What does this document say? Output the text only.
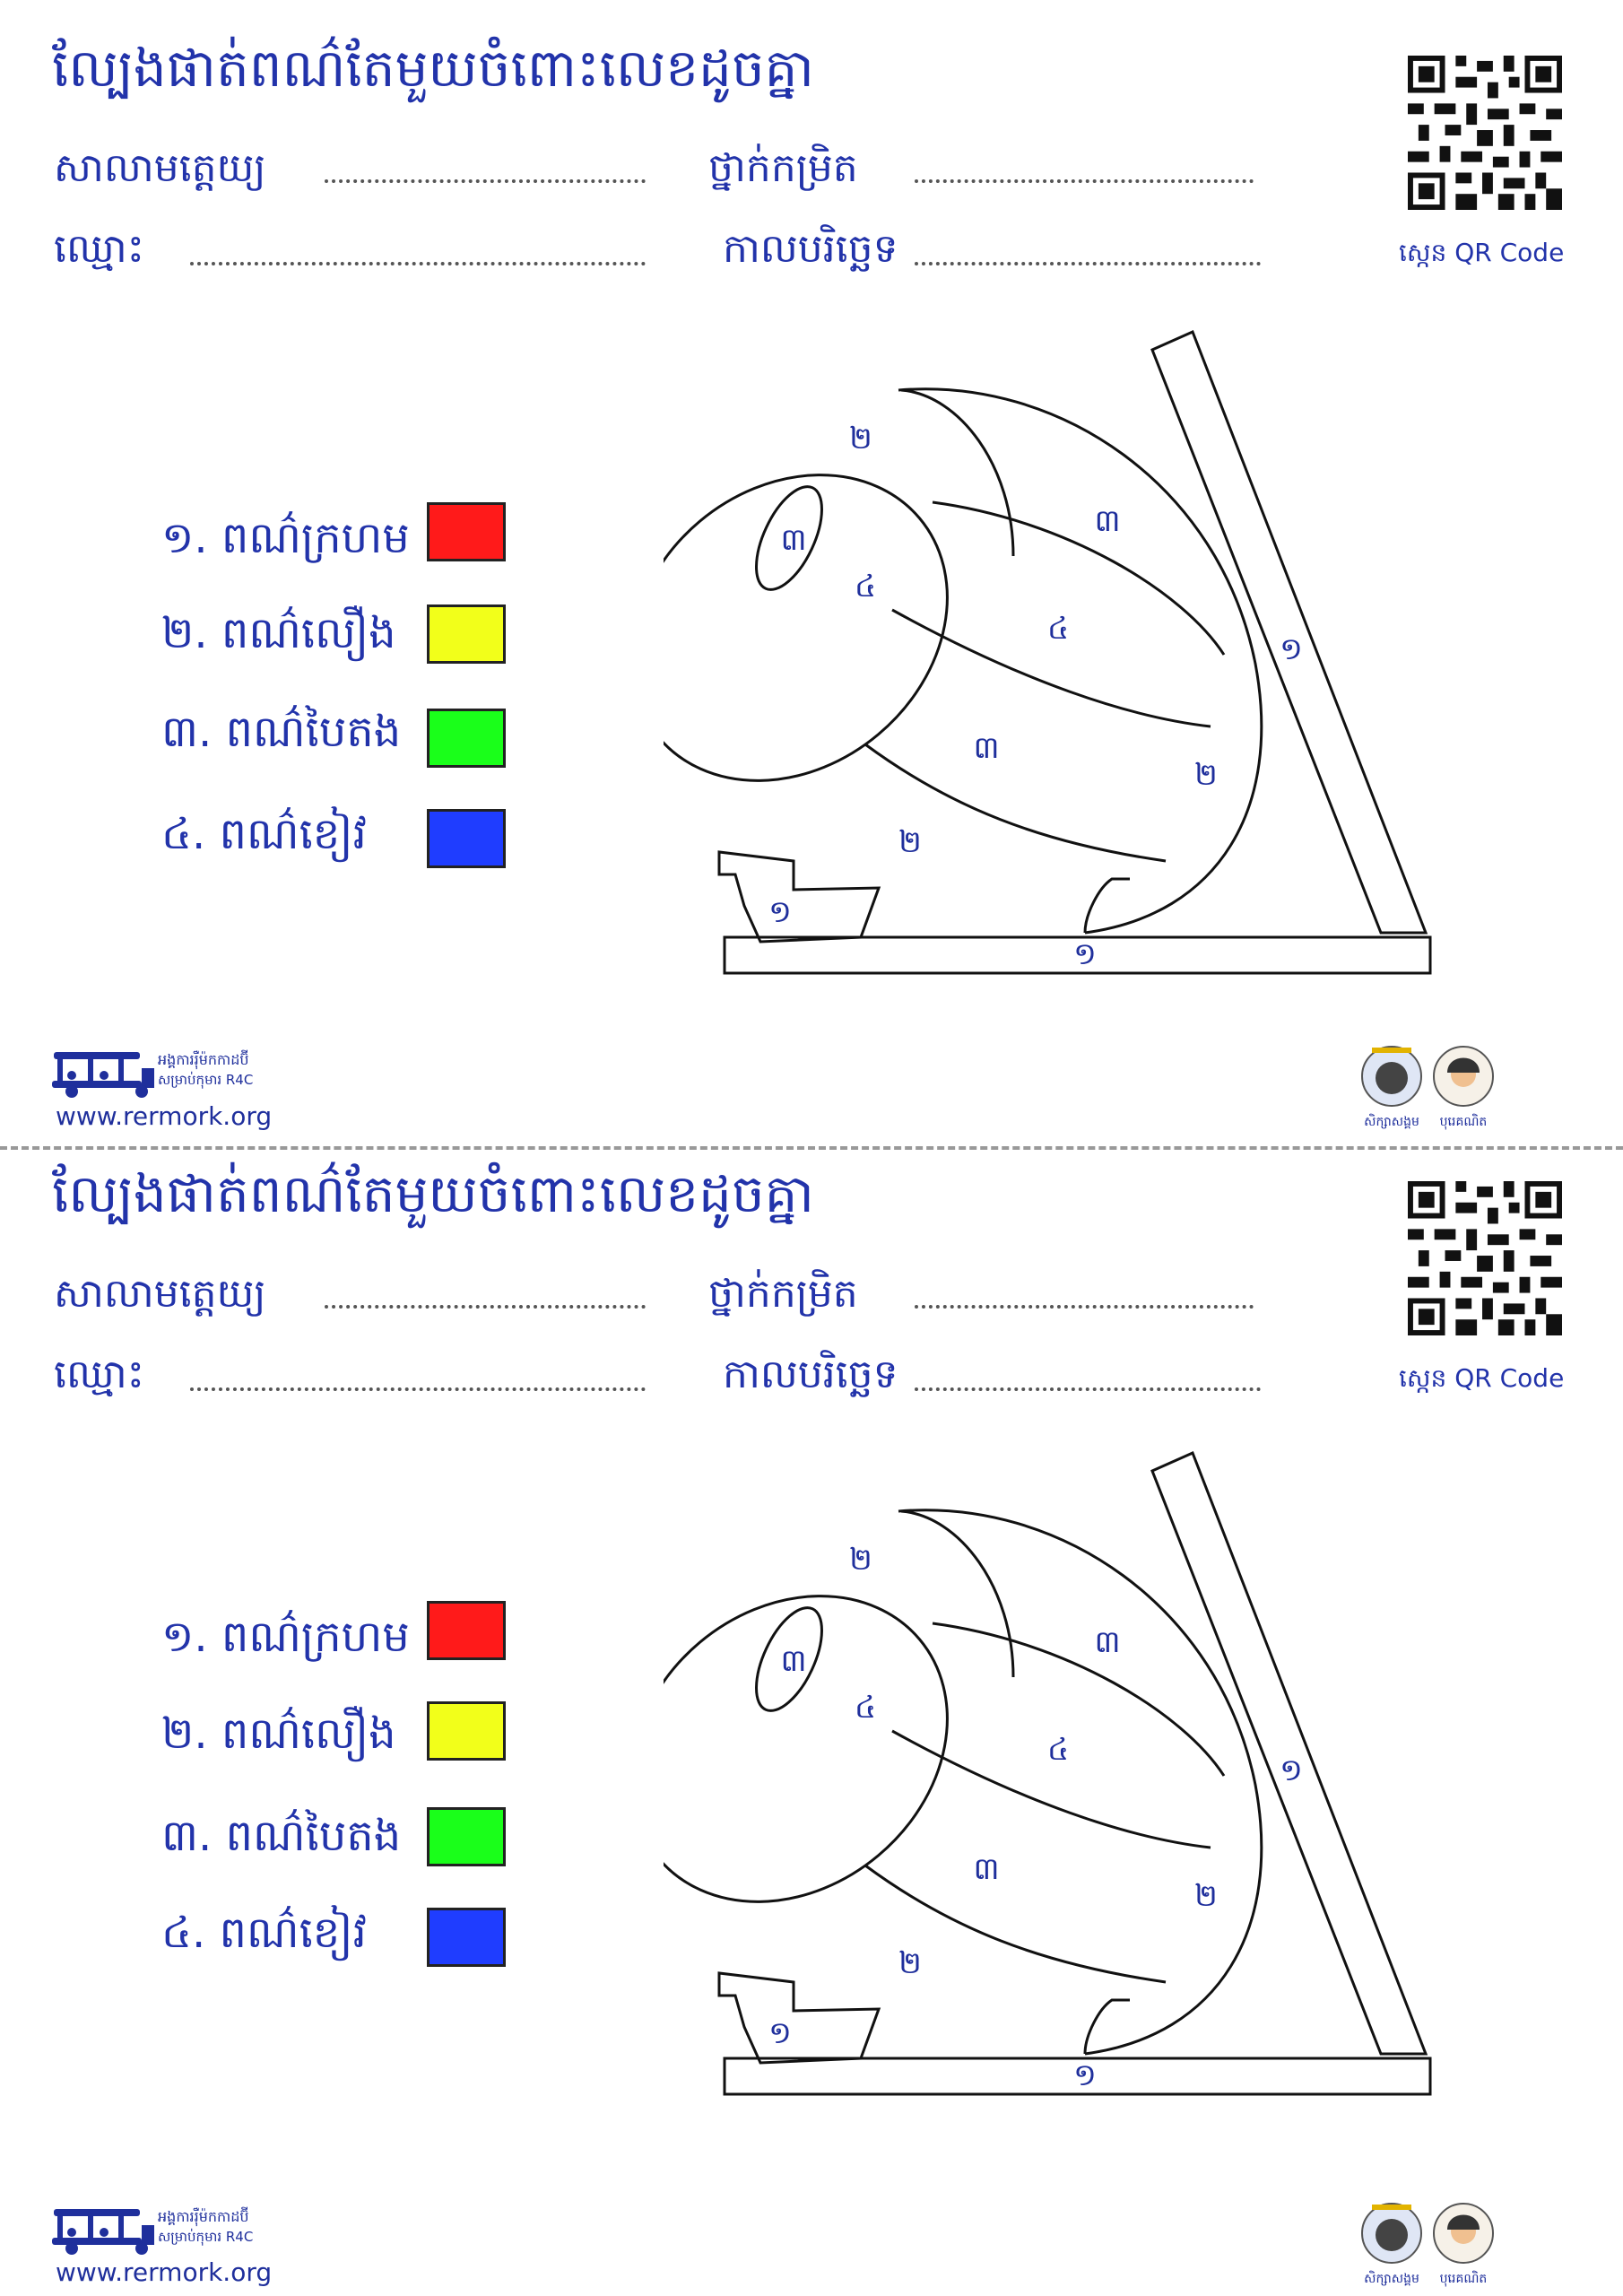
ល្បែងផាត់ពណ៌តែមួយចំពោះលេខដូចគ្នា
សាលាមត្តេយ្យ	ថ្នាក់កម្រិត
ឈ្មោះ	កាលបរិច្ឆេទ	ស្កេន QR Code
១. ពណ៌ក្រហម
២. ពណ៌លឿង
៣. ពណ៌បៃតង
៤. ពណ៌ខៀវ
២
៣
៣
៤
៤
៣
២
២
១
១
១
អង្គការរ៉ឺម៉កកាដប៊ី
សម្រាប់កុមារ R4C
www.rermork.org	សិក្សាសង្គម បុរេគណិត
ល្បែងផាត់ពណ៌តែមួយចំពោះលេខដូចគ្នា
សាលាមត្តេយ្យ	ថ្នាក់កម្រិត
ឈ្មោះ	កាលបរិច្ឆេទ	ស្កេន QR Code
១. ពណ៌ក្រហម
២. ពណ៌លឿង
៣. ពណ៌បៃតង
៤. ពណ៌ខៀវ
២
៣
៣
៤
៤
៣
២
២
១
១
១
អង្គការរ៉ឺម៉កកាដប៊ី
សម្រាប់កុមារ R4C
www.rermork.org	សិក្សាសង្គម បុរេគណិត
